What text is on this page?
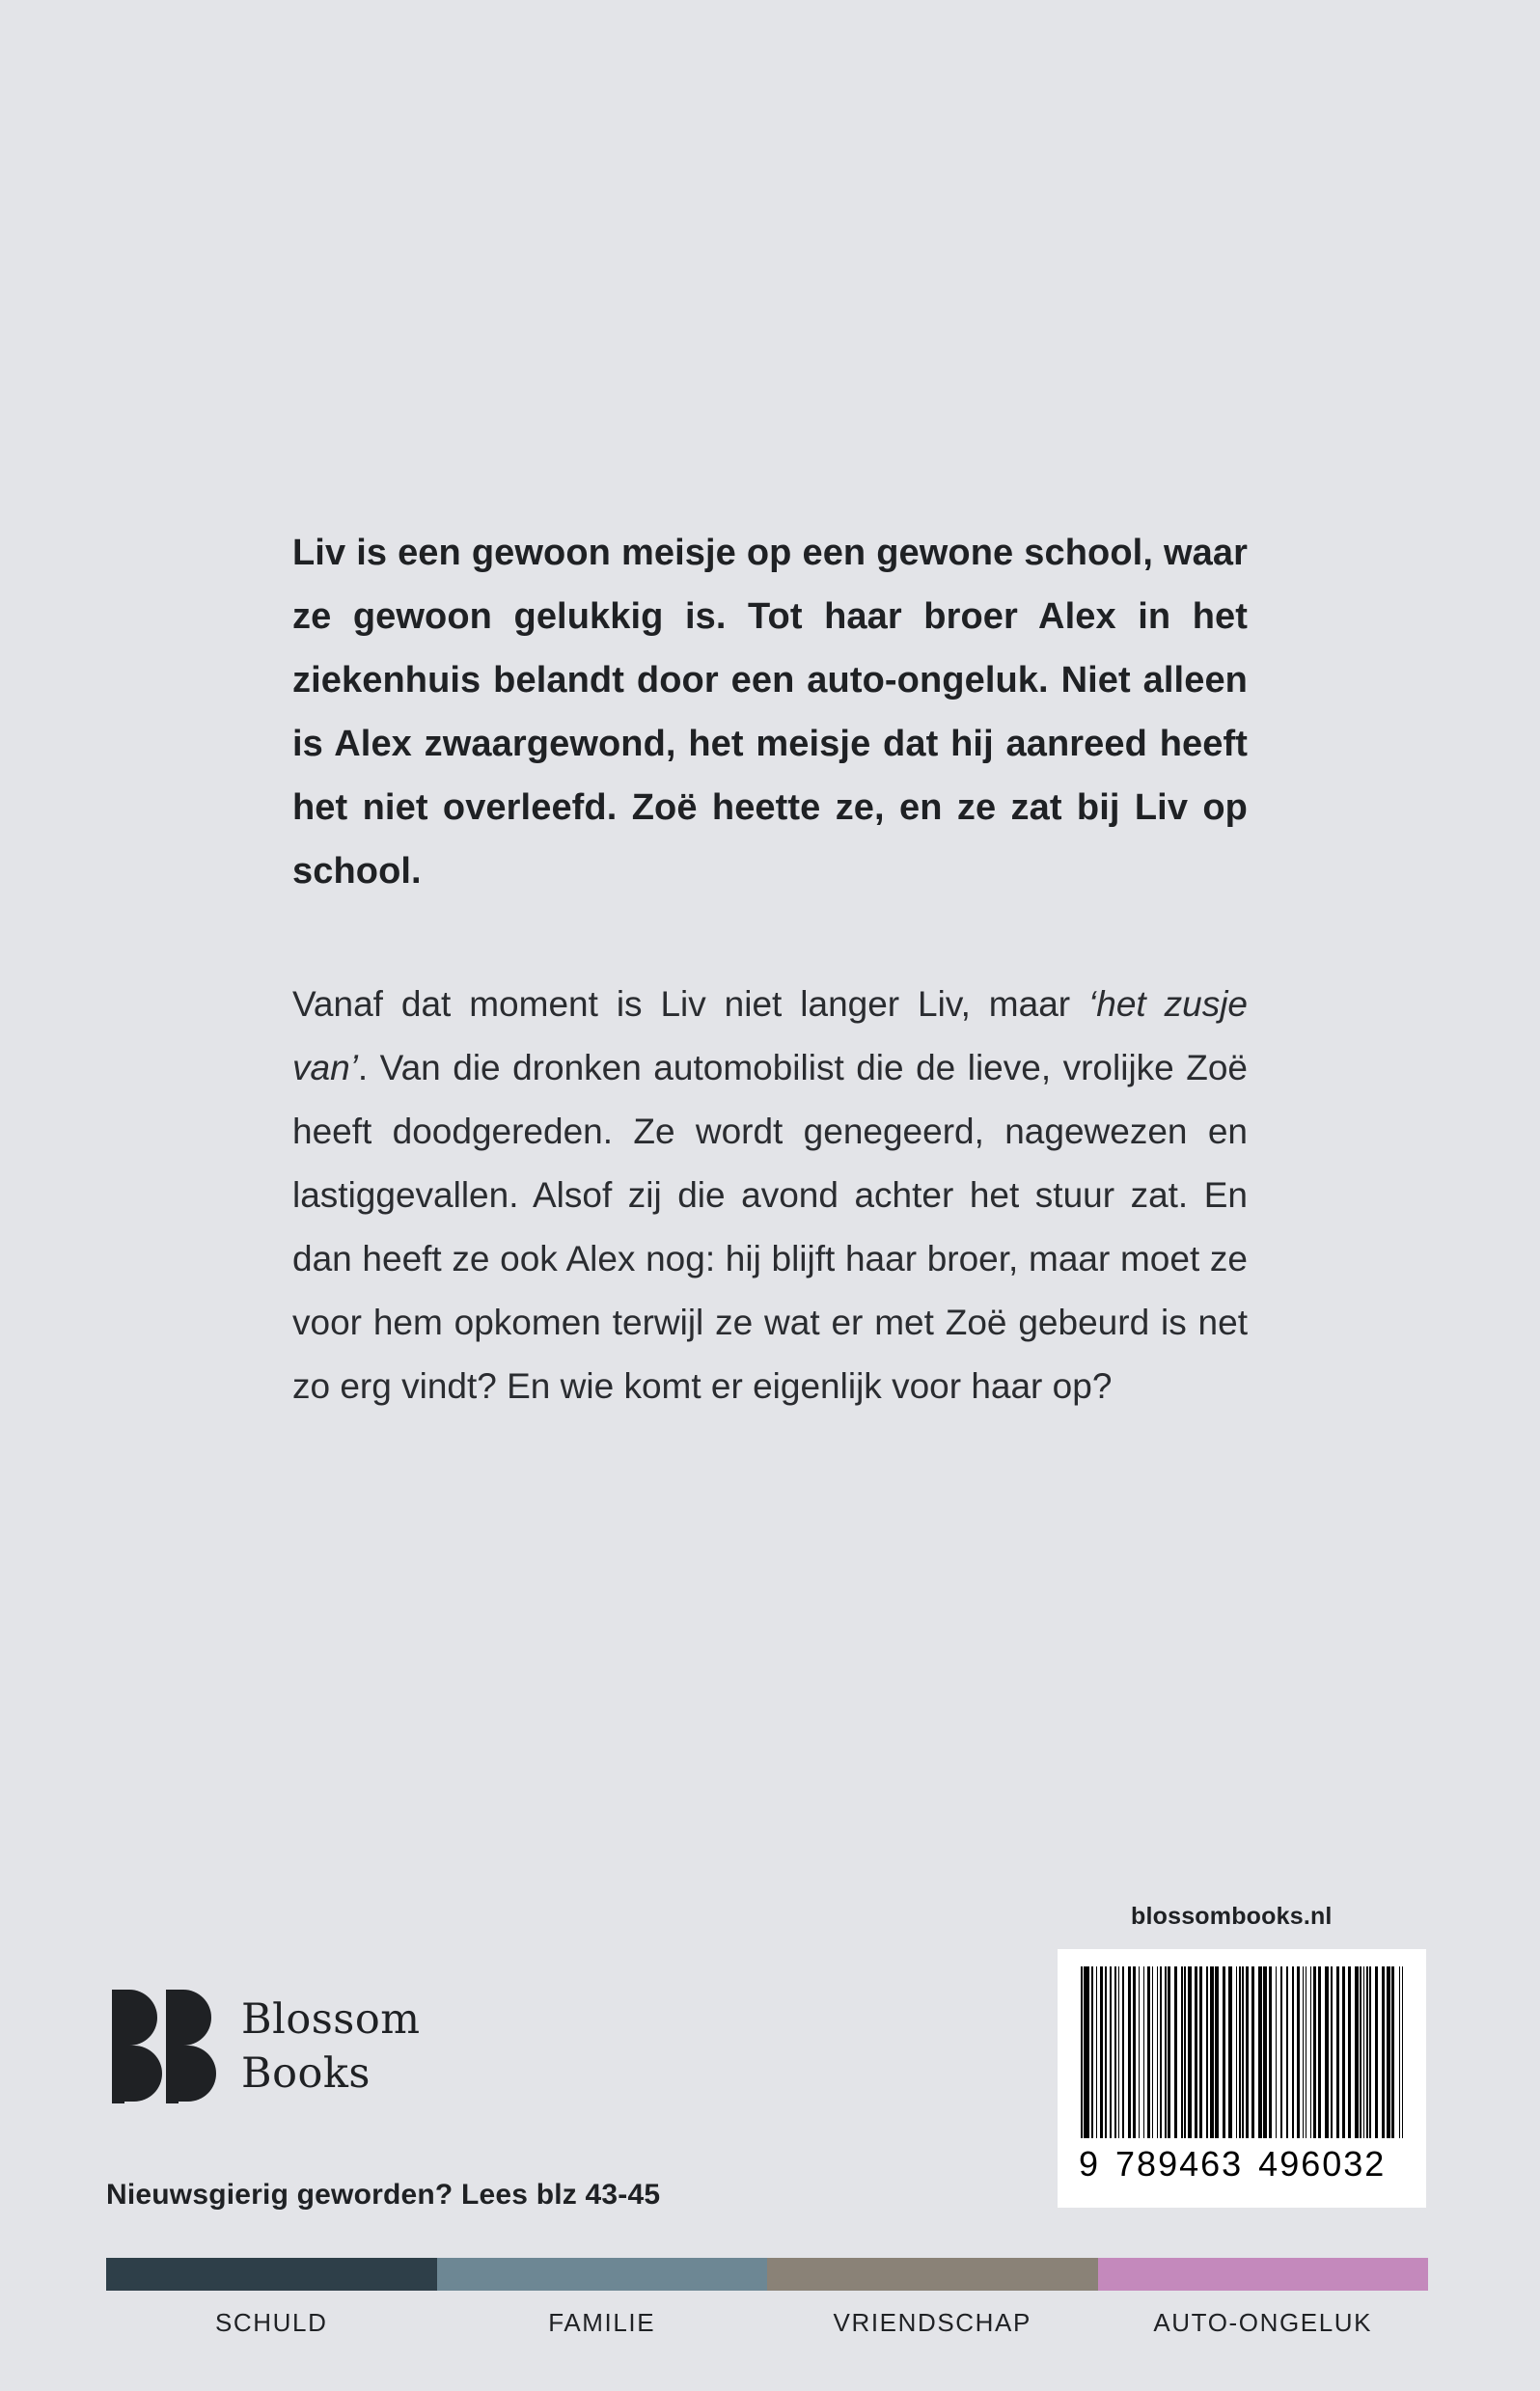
Liv is een gewoon meisje op een gewone school, waar ze gewoon gelukkig is. Tot haar broer Alex in het ziekenhuis belandt door een auto-ongeluk. Niet alleen is Alex zwaargewond, het meisje dat hij aanreed heeft het niet overleefd. Zoë heette ze, en ze zat bij Liv op school.

Vanaf dat moment is Liv niet langer Liv, maar ‘het zusje van’. Van die dronken automobilist die de lieve, vrolijke Zoë heeft doodgereden. Ze wordt genegeerd, nagewezen en lastiggevallen. Alsof zij die avond achter het stuur zat. En dan heeft ze ook Alex nog: hij blijft haar broer, maar moet ze voor hem opkomen terwijl ze wat er met Zoë gebeurd is net zo erg vindt? En wie komt er eigenlijk voor haar op?

blossombooks.nl
9 789463 496032
Blossom
Books
Nieuwsgierig geworden? Lees blz 43-45
SCHULD	FAMILIE	VRIENDSCHAP	AUTO-ONGELUK
